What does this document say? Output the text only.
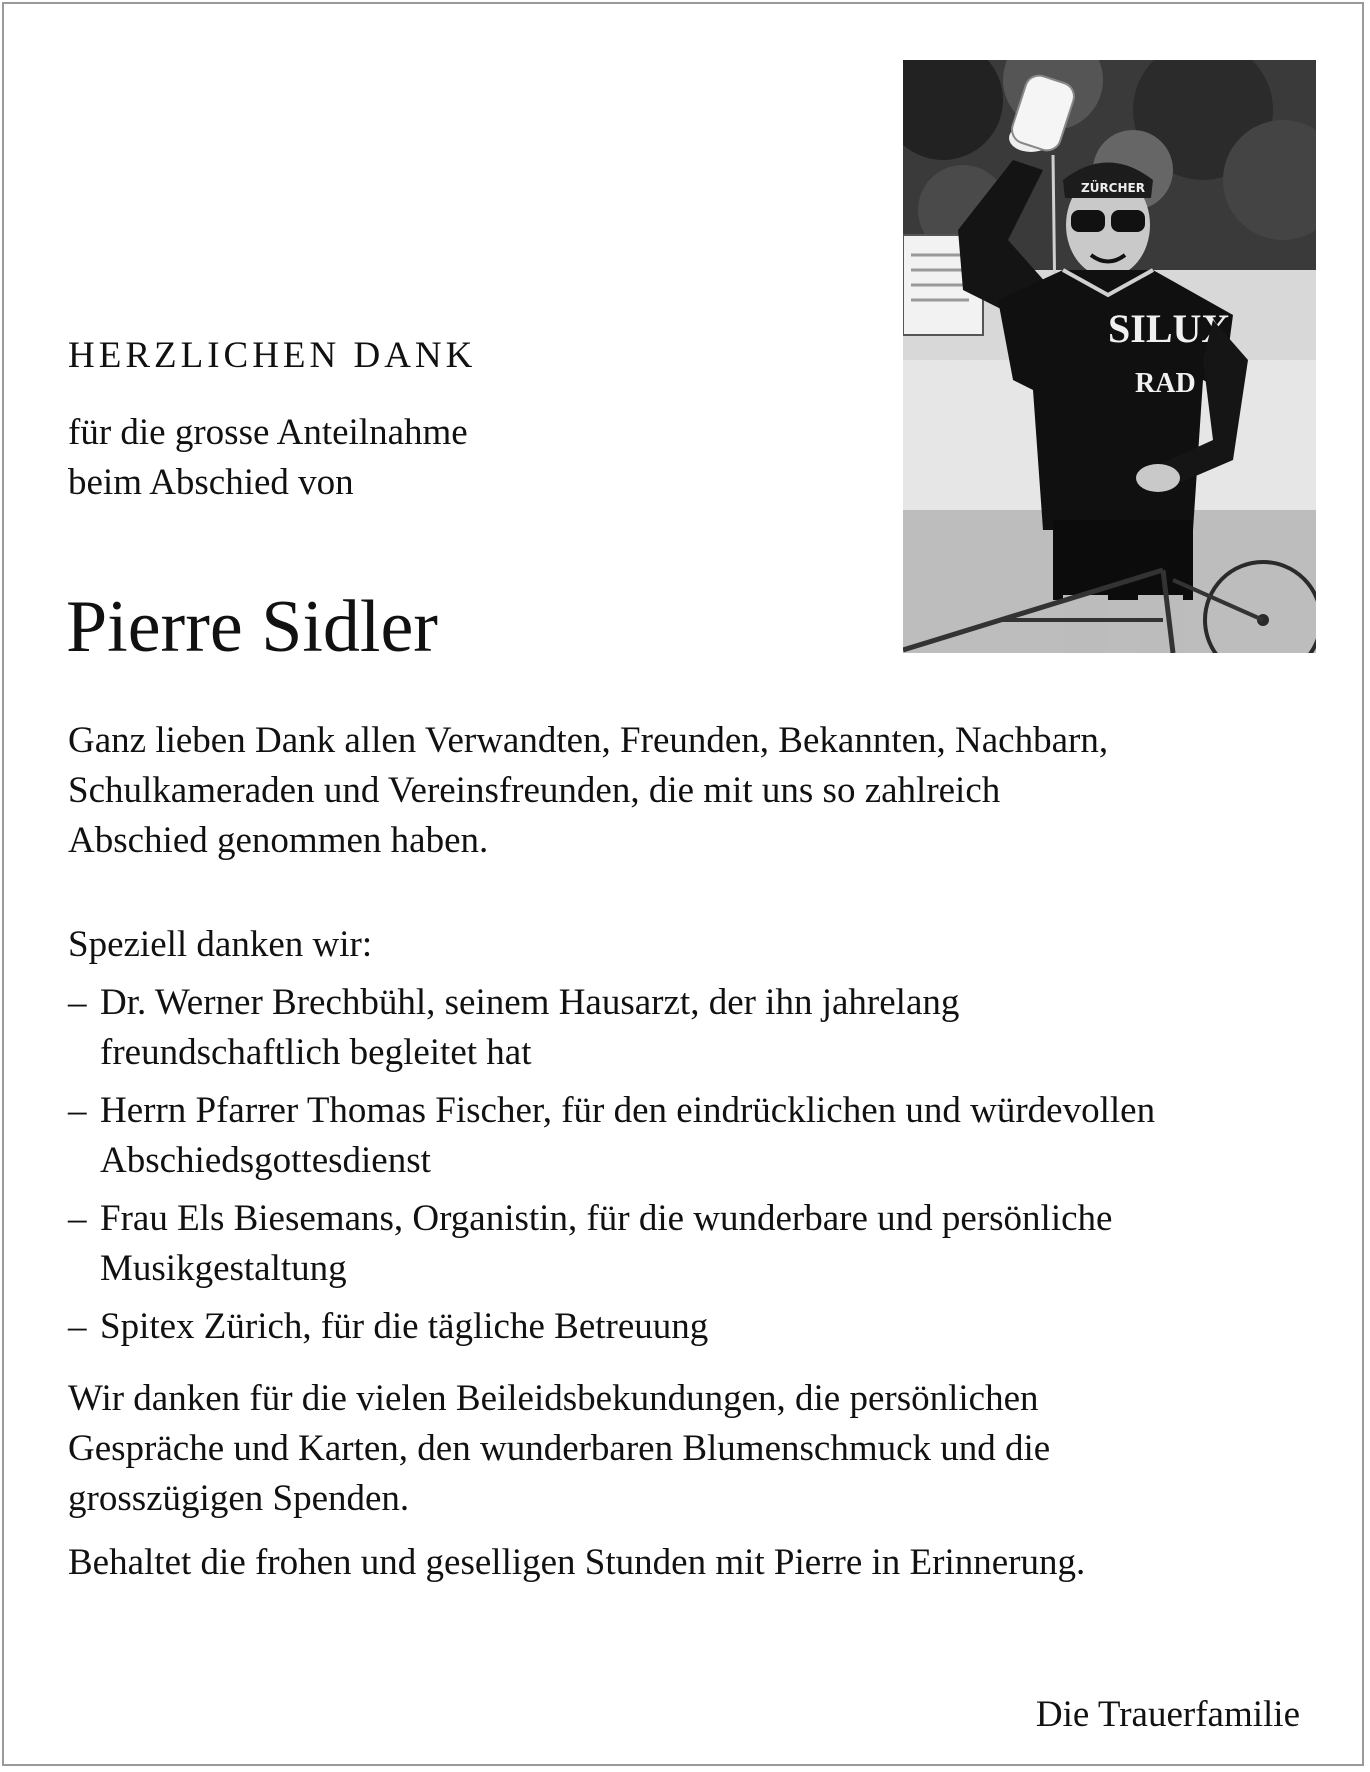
ZÜRCHER
SILUX
RAD
HERZLICHEN DANK
für die grosse Anteilnahme
beim Abschied von
Pierre Sidler
Ganz lieben Dank allen Verwandten, Freunden, Bekannten, Nachbarn,
Schulkameraden und Vereinsfreunden, die mit uns so zahlreich
Abschied genommen haben.
Speziell danken wir:
– Dr. Werner Brechbühl, seinem Hausarzt, der ihn jahrelang
freundschaftlich begleitet hat
– Herrn Pfarrer Thomas Fischer, für den eindrücklichen und würdevollen
Abschiedsgottesdienst
– Frau Els Biesemans, Organistin, für die wunderbare und persönliche
Musikgestaltung
– Spitex Zürich, für die tägliche Betreuung
Wir danken für die vielen Beileidsbekundungen, die persönlichen
Gespräche und Karten, den wunderbaren Blumenschmuck und die
grosszügigen Spenden.
Behaltet die frohen und geselligen Stunden mit Pierre in Erinnerung.
Die Trauerfamilie
